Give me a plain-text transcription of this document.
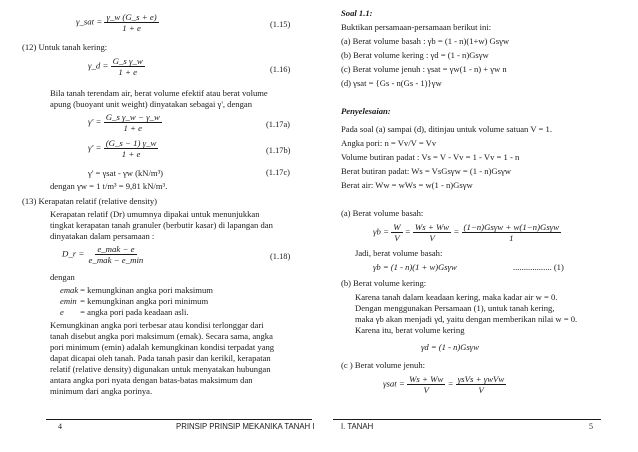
γ_sat = $\frac{\gamma\_w (G\_s + e)}{1 + e}$	(1.15)
(12) Untuk tanah kering:
γ_d = $\frac{\text{G\_s γ\_w}}{1 + e}$	(1.16)
Bila tanah terendam air, berat volume efektif atau berat volume
apung (buoyant unit weight) dinyatakan sebagai γ', dengan
$\gamma' = \frac{\text{G\_s γ\_w − γ\_w}}{1 + e}$	(1.17a)
$\gamma' = \frac{(G\_s - 1) \gamma\_w}{1 + e}$	(1.17b)
γ' = γsat - γw (kN/m³)	(1.17c)
dengan γw = 1 t/m³ = 9,81 kN/m³.
(13) Kerapatan relatif (relative density)
Kerapatan relatif (Dr) umumnya dipakai untuk menunjukkan
tingkat kerapatan tanah granuler (berbutir kasar) di lapangan dan
dinyatakan dalam persamaan :
D_r = $\frac{\text{e\_mak − e}}{\text{e\_mak − e\_min}}$	(1.18)
dengan
emak = kemungkinan angka pori maksimum
emin = kemungkinan angka pori minimum
e = angka pori pada keadaan asli.
Kemungkinan angka pori terbesar atau kondisi terlonggar dari
tanah disebut angka pori maksimum (emak). Secara sama, angka
pori minimum (emin) adalah kemungkinan kondisi terpadat yang
dapat dicapai oleh tanah. Pada tanah pasir dan kerikil, kerapatan
relatif (relative density) digunakan untuk menyatakan hubungan
antara angka pori nyata dengan batas-batas maksimum dan
minimum dari angka porinya.
4	PRINSIP PRINSIP MEKANIKA TANAH I
Soal 1.1:
Buktikan persamaan-persamaan berikut ini:
(a) Berat volume basah : γb = (1 - n)(1+w) Gsγw
(b) Berat volume kering : γd = (1 - n)Gsγw
(c) Berat volume jenuh : γsat = γw(1 - n) + γw n
(d) γsat = {Gs - n(Gs - 1)}γw
Penyelesaian:
Pada soal (a) sampai (d), ditinjau untuk volume satuan V = 1.
Angka pori: n = Vv/V = Vv
Volume butiran padat : Vs = V - Vv = 1 - Vv = 1 - n
Berat butiran padat: Ws = VsGsγw = (1 - n)Gsγw
Berat air: Ww = wWs = w(1 - n)Gsγw
(a) Berat volume basah:
$\gamma b = \frac{W}{V} = \frac{Ws + Ww}{V} = \frac{\text{(1−n)Gsγw + w(1−n)Gsγw}}{1}$
Jadi, berat volume basah:
γb = (1 - n)(1 + w)Gsγw	.................. (1)
(b) Berat volume kering:
Karena tanah dalam keadaan kering, maka kadar air w = 0.
Dengan menggunakan Persamaan (1), untuk tanah kering,
maka γb akan menjadi γd, yaitu dengan memberikan nilai w = 0.
Karena itu, berat volume kering
γd = (1 - n)Gsγw
(c ) Berat volume jenuh:
$\gamma sat = \frac{Ws + Ww}{V} = \frac{\text{γsVs + γwVw}}{V}$
I. TANAH	5
